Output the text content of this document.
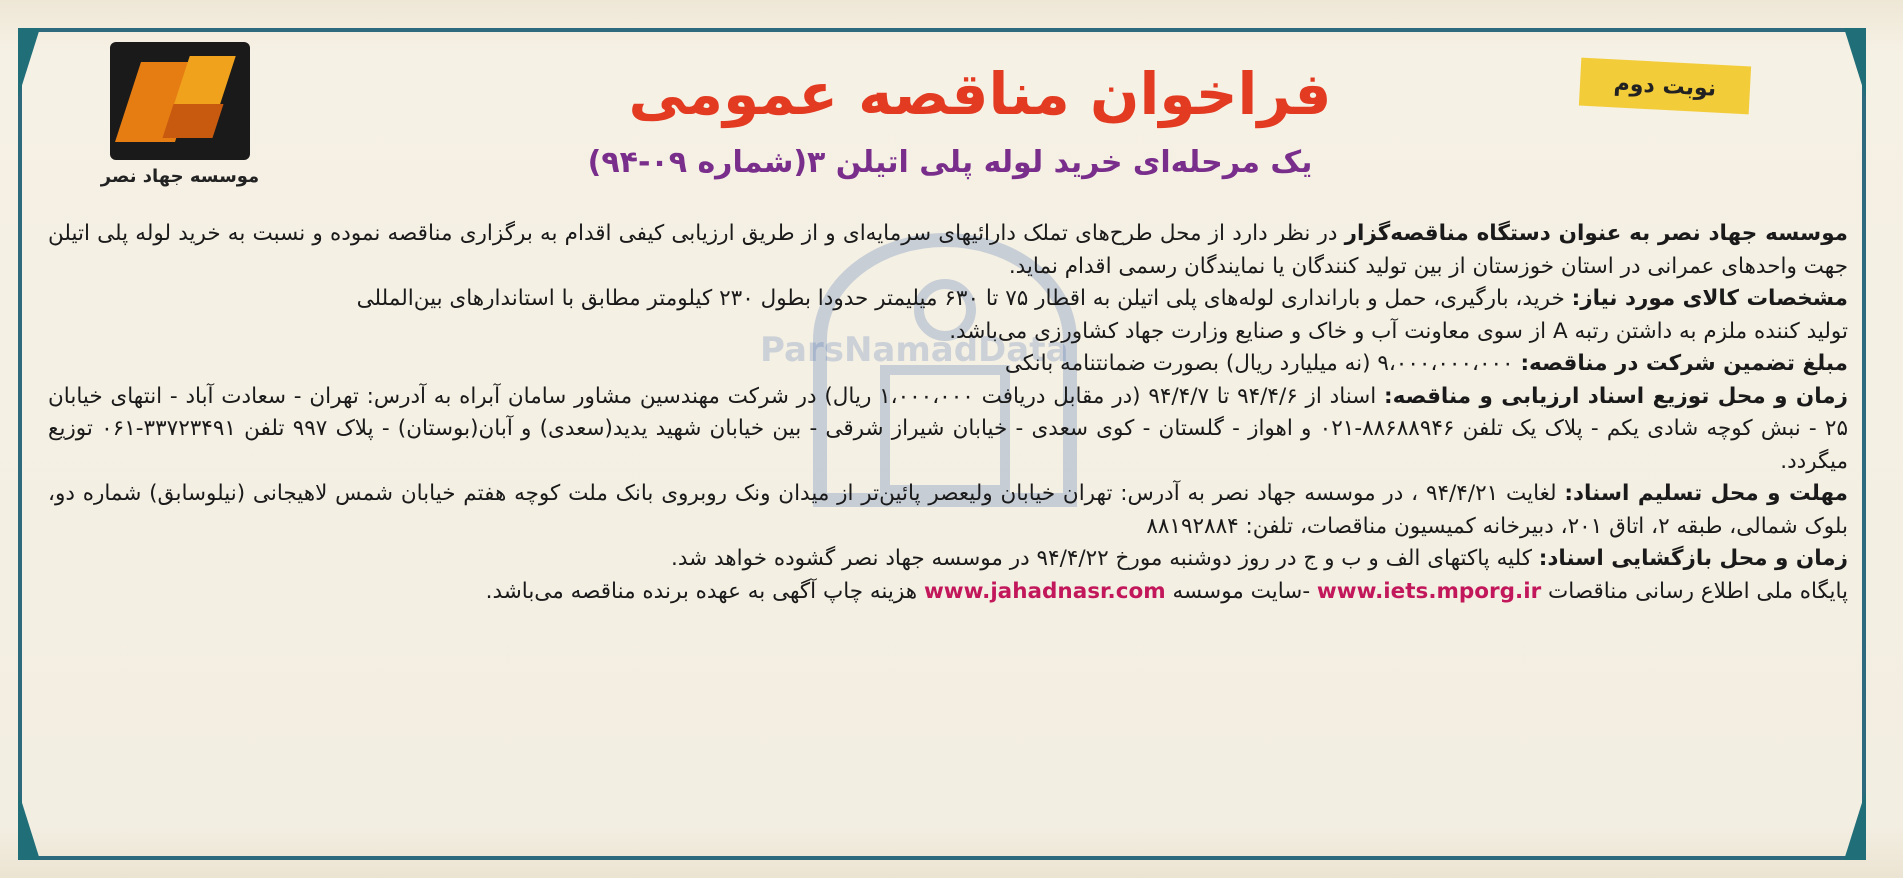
نوبت دوم
موسسه جهاد نصر
فراخوان مناقصه عمومی
یک مرحله‌ای خرید لوله پلی اتیلن ۳(شماره ۰۹-۹۴)
ParsNamadData

موسسه جهاد نصر به عنوان دستگاه مناقصه‌گزار در نظر دارد از محل طرح‌های تملک دارائیهای سرمایه‌ای و از طریق ارزیابی کیفی اقدام به برگزاری مناقصه نموده و نسبت به خرید لوله پلی اتیلن جهت واحدهای عمرانی در استان خوزستان از بین تولید کنندگان یا نمایندگان رسمی اقدام نماید.

مشخصات کالای مورد نیاز: خرید، بارگیری، حمل و بارانداری لوله‌های پلی اتیلن به اقطار ۷۵ تا ۶۳۰ میلیمتر حدودا بطول ۲۳۰ کیلومتر مطابق با استاندارهای بین‌المللی

تولید کننده ملزم به داشتن رتبه A از سوی معاونت آب و خاک و صنایع وزارت جهاد کشاورزی می‌باشد.

مبلغ تضمین شرکت در مناقصه: ۹،۰۰۰،۰۰۰،۰۰۰ (نه میلیارد ریال) بصورت ضمانتنامه بانکی

زمان و محل توزیع اسناد ارزیابی و مناقصه: اسناد از ۹۴/۴/۶ تا ۹۴/۴/۷ (در مقابل دریافت ۱،۰۰۰،۰۰۰ ریال) در شرکت مهندسین مشاور سامان آبراه به آدرس: تهران - سعادت آباد - انتهای خیابان ۲۵ - نبش کوچه شادی یکم - پلاک یک تلفن ۸۸۶۸۸۹۴۶-۰۲۱ و اهواز - گلستان - کوی سعدی - خیابان شیراز شرقی - بین خیابان شهید یدید(سعدی) و آبان(بوستان) - پلاک ۹۹۷ تلفن ۳۳۷۲۳۴۹۱-۰۶۱ توزیع میگردد.

مهلت و محل تسلیم اسناد: لغایت ۹۴/۴/۲۱ ، در موسسه جهاد نصر به آدرس: تهران خیابان ولیعصر پائین‌تر از میدان ونک روبروی بانک ملت کوچه هفتم خیابان شمس لاهیجانی (نیلوسابق) شماره دو، بلوک شمالی، طبقه ۲، اتاق ۲۰۱، دبیرخانه کمیسیون مناقصات، تلفن: ۸۸۱۹۲۸۸۴

زمان و محل بازگشایی اسناد: کلیه پاکتهای الف و ب و ج در روز دوشنبه مورخ ۹۴/۴/۲۲ در موسسه جهاد نصر گشوده خواهد شد.

پایگاه ملی اطلاع رسانی مناقصات www.iets.mporg.ir -سایت موسسه www.jahadnasr.com هزینه چاپ آگهی به عهده برنده مناقصه می‌باشد.
